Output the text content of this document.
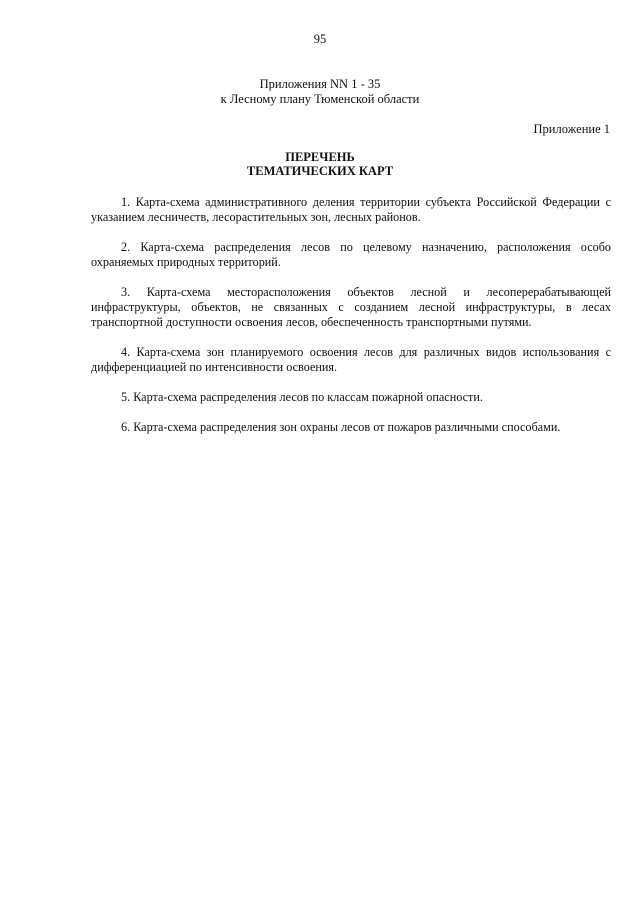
95
Приложения NN 1 - 35
к Лесному плану Тюменской области
Приложение 1
ПЕРЕЧЕНЬ
ТЕМАТИЧЕСКИХ КАРТ

1. Карта-схема административного деления территории субъекта Российской Федерации с указанием лесничеств, лесорастительных зон, лесных районов.

2. Карта-схема распределения лесов по целевому назначению, расположения особо охраняемых природных территорий.

3. Карта-схема месторасположения объектов лесной и лесоперерабатывающей инфраструктуры, объектов, не связанных с созданием лесной инфраструктуры, в лесах транспортной доступности освоения лесов, обеспеченность транспортными путями.

4. Карта-схема зон планируемого освоения лесов для различных видов использования с дифференциацией по интенсивности освоения.

5. Карта-схема распределения лесов по классам пожарной опасности.

6. Карта-схема распределения зон охраны лесов от пожаров различными способами.
